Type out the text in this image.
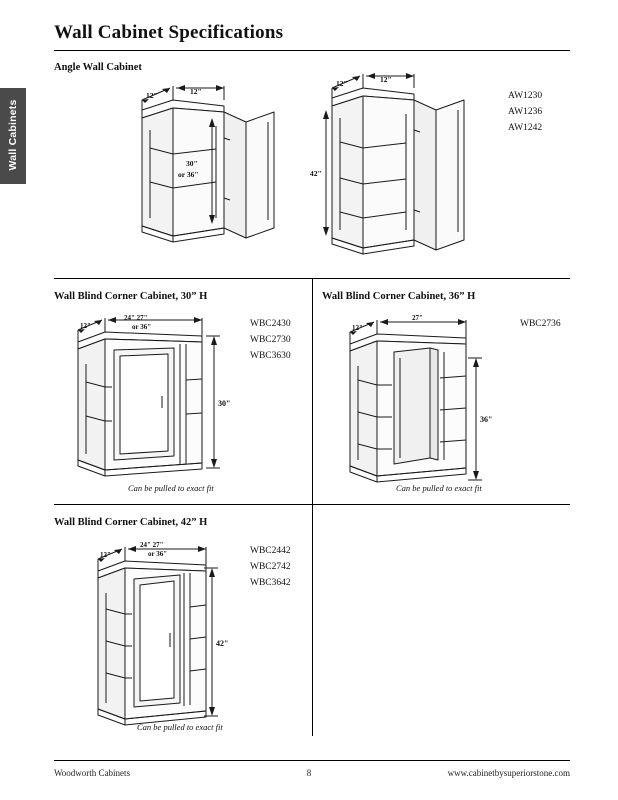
Wall Cabinets
Wall Cabinet Specifications
Angle Wall Cabinet
AW1230
AW1236
AW1242
12"	12"
30"
or 36"
12"	12"
42"
Wall Blind Corner Cabinet, 30” H
WBC2430
WBC2730
WBC3630
12"
24" 27"
or 36"
30"
Can be pulled to exact fit
Wall Blind Corner Cabinet, 36” H
WBC2736
12"
27"
36"
Can be pulled to exact fit
Wall Blind Corner Cabinet, 42” H
WBC2442
WBC2742
WBC3642
12"
24" 27"
or 36"
42"
Can be pulled to exact fit
Woodworth Cabinets	8	www.cabinetbysuperiorstone.com
